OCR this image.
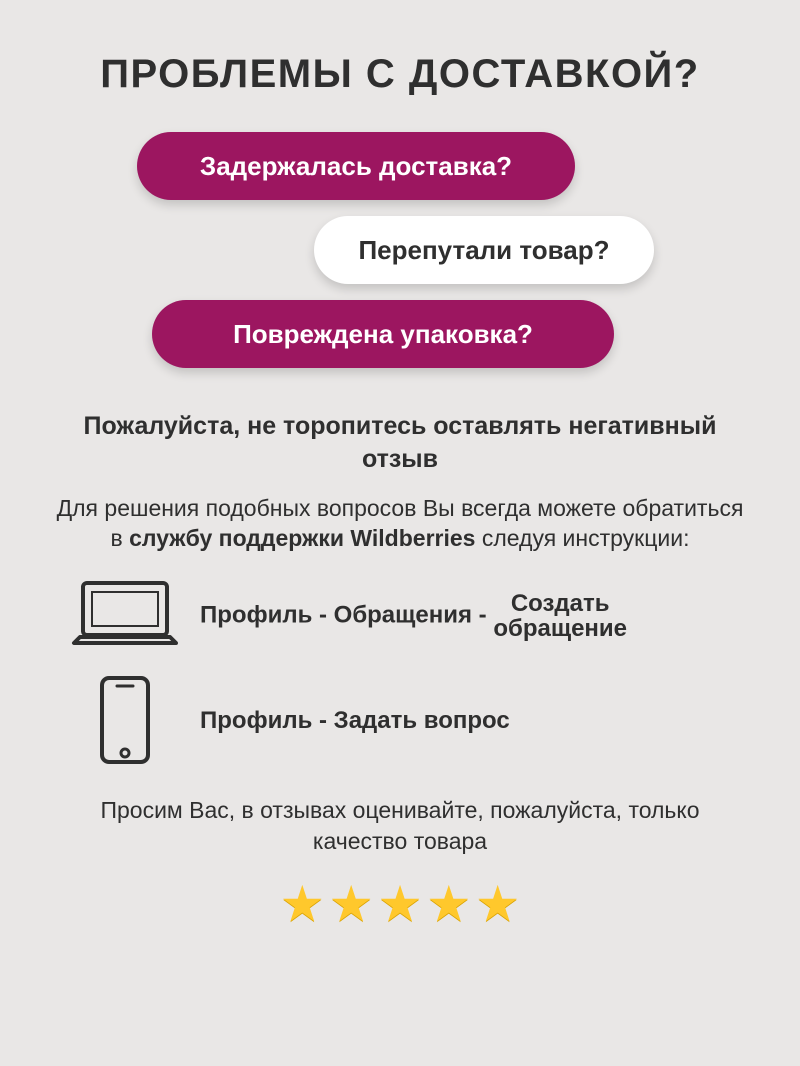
ПРОБЛЕМЫ С ДОСТАВКОЙ?
Задержалась доставка?
Перепутали товар?
Повреждена упаковка?
Пожалуйста, не торопитесь оставлять негативный отзыв
Для решения подобных вопросов Вы всегда можете обратиться в службу поддержки Wildberries следуя инструкции:
Профиль - Обращения - Создать
обращение
Профиль - Задать вопрос
Просим Вас, в отзывах оценивайте, пожалуйста, только качество товара
★ ★ ★ ★ ★
